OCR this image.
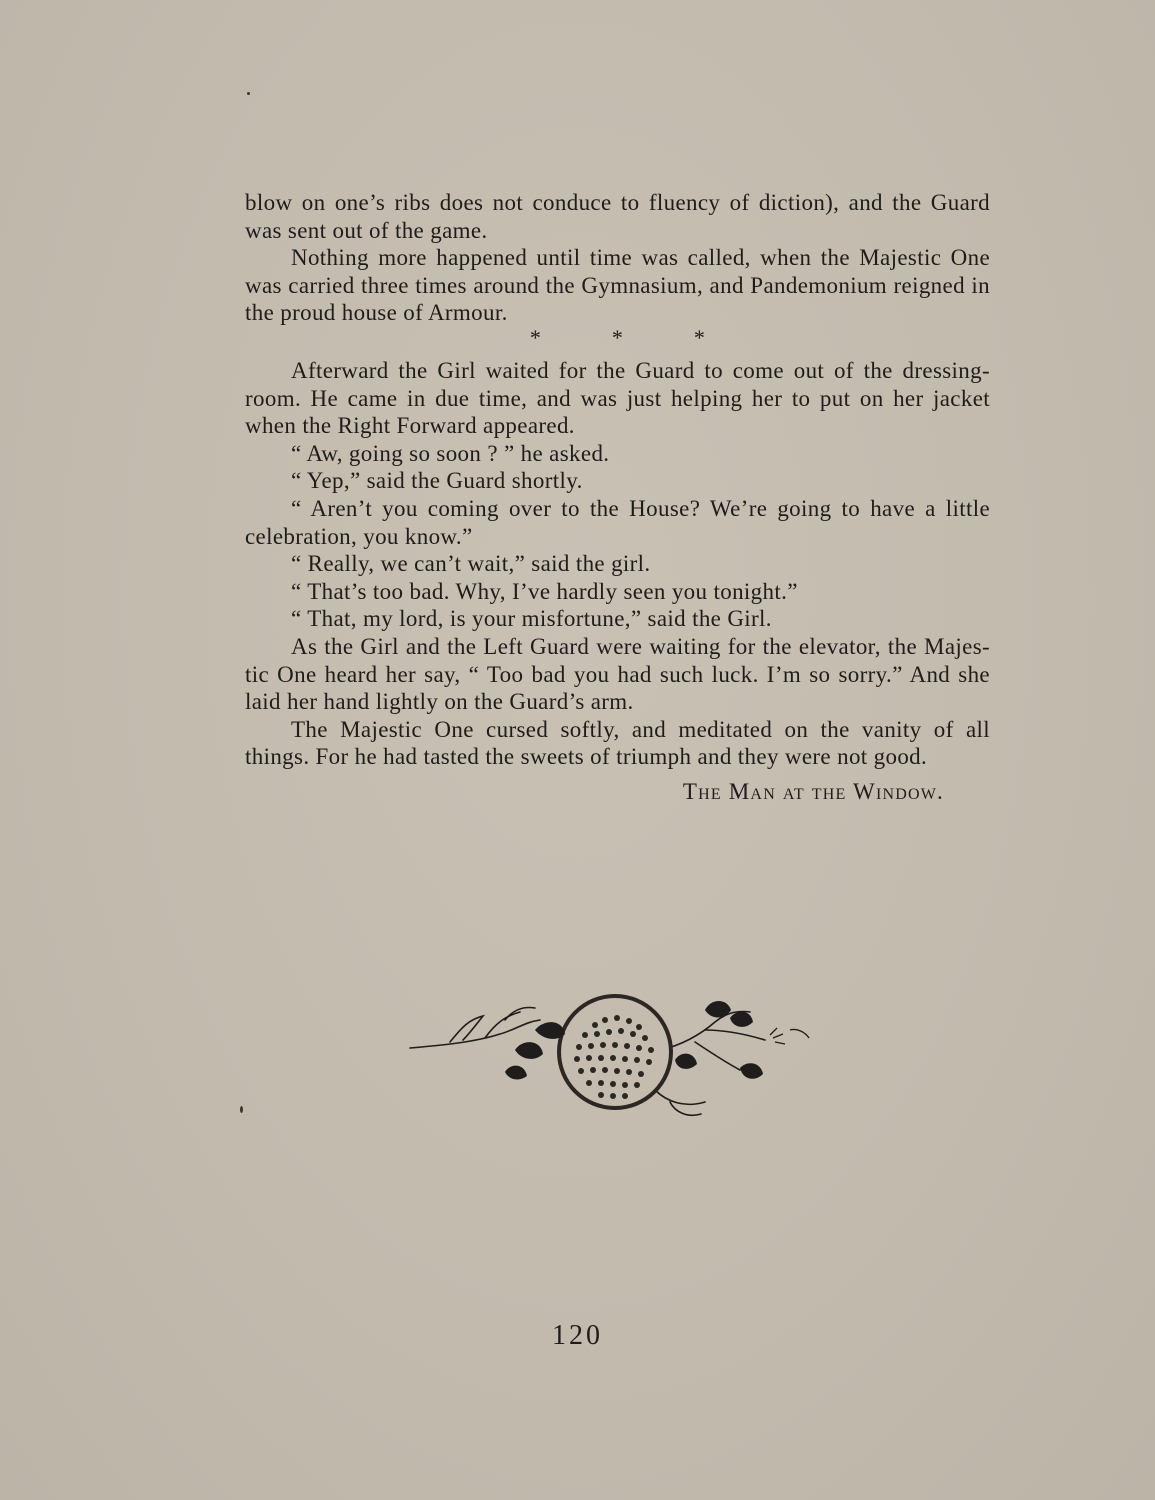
blow on one’s ribs does not conduce to fluency of diction), and the Guard was sent out of the game.

Nothing more happened until time was called, when the Majestic One was carried three times around the Gymnasium, and Pandemonium reigned in the proud house of Armour.

*	*	*

Afterward the Girl waited for the Guard to come out of the dressing-room. He came in due time, and was just helping her to put on her jacket when the Right Forward appeared.

“ Aw, going so soon ? ” he asked.

“ Yep,” said the Guard shortly.

“ Aren’t you coming over to the House? We’re going to have a little celebration, you know.”

“ Really, we can’t wait,” said the girl.

“ That’s too bad. Why, I’ve hardly seen you tonight.”

“ That, my lord, is your misfortune,” said the Girl.

As the Girl and the Left Guard were waiting for the elevator, the Majes-tic One heard her say, “ Too bad you had such luck. I’m so sorry.” And she laid her hand lightly on the Guard’s arm.

The Majestic One cursed softly, and meditated on the vanity of all things. For he had tasted the sweets of triumph and they were not good.

The Man at the Window.

120
